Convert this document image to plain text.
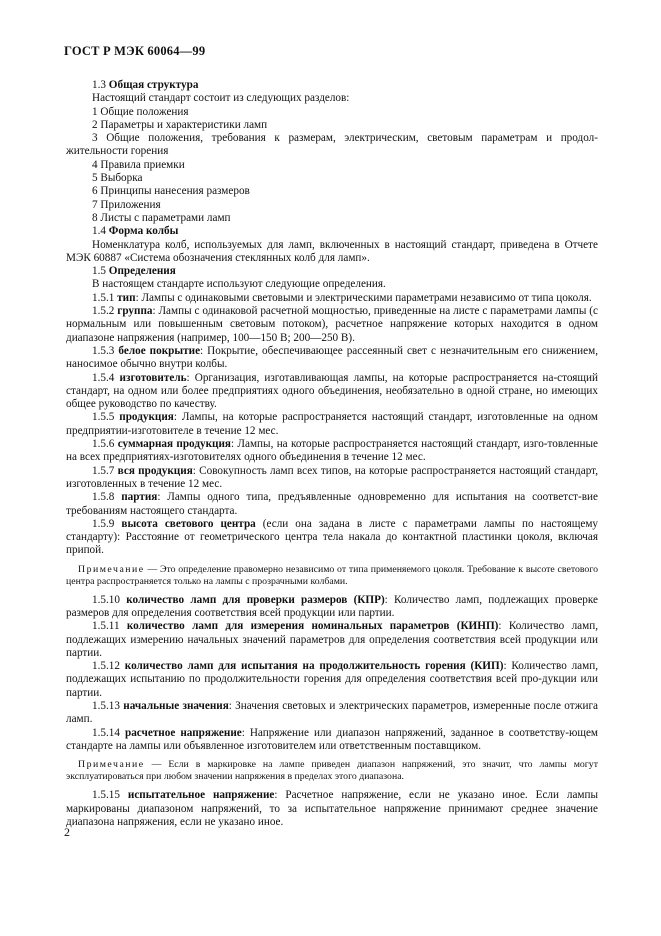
ГОСТ Р МЭК 60064—99

1.3 Общая структура

Настоящий стандарт состоит из следующих разделов:

1 Общие положения

2 Параметры и характеристики ламп

3 Общие положения, требования к размерам, электрическим, световым параметрам и продол-жительности горения

4 Правила приемки

5 Выборка

6 Принципы нанесения размеров

7 Приложения

8 Листы с параметрами ламп

1.4 Форма колбы

Номенклатура колб, используемых для ламп, включенных в настоящий стандарт, приведена в Отчете МЭК 60887 «Система обозначения стеклянных колб для ламп».

1.5 Определения

В настоящем стандарте используют следующие определения.

1.5.1 тип: Лампы с одинаковыми световыми и электрическими параметрами независимо от типа цоколя.

1.5.2 группа: Лампы с одинаковой расчетной мощностью, приведенные на листе с параметрами лампы (с нормальным или повышенным световым потоком), расчетное напряжение которых находится в одном диапазоне напряжения (например, 100—150 В; 200—250 В).

1.5.3 белое покрытие: Покрытие, обеспечивающее рассеянный свет с незначительным его снижением, наносимое обычно внутри колбы.

1.5.4 изготовитель: Организация, изготавливающая лампы, на которые распространяется на-стоящий стандарт, на одном или более предприятиях одного объединения, необязательно в одной стране, но имеющих общее руководство по качеству.

1.5.5 продукция: Лампы, на которые распространяется настоящий стандарт, изготовленные на одном предприятии-изготовителе в течение 12 мес.

1.5.6 суммарная продукция: Лампы, на которые распространяется настоящий стандарт, изго-товленные на всех предприятиях-изготовителях одного объединения в течение 12 мес.

1.5.7 вся продукция: Совокупность ламп всех типов, на которые распространяется настоящий стандарт, изготовленных в течение 12 мес.

1.5.8 партия: Лампы одного типа, предъявленные одновременно для испытания на соответст-вие требованиям настоящего стандарта.

1.5.9 высота светового центра (если она задана в листе с параметрами лампы по настоящему стандарту): Расстояние от геометрического центра тела накала до контактной пластинки цоколя, включая припой.

Примечание — Это определение правомерно независимо от типа применяемого цоколя. Требование к высоте светового центра распространяется только на лампы с прозрачными колбами.

1.5.10 количество ламп для проверки размеров (КПР): Количество ламп, подлежащих проверке размеров для определения соответствия всей продукции или партии.

1.5.11 количество ламп для измерения номинальных параметров (КИНП): Количество ламп, подлежащих измерению начальных значений параметров для определения соответствия всей продукции или партии.

1.5.12 количество ламп для испытания на продолжительность горения (КИП): Количество ламп, подлежащих испытанию по продолжительности горения для определения соответствия всей про-дукции или партии.

1.5.13 начальные значения: Значения световых и электрических параметров, измеренные после отжига ламп.

1.5.14 расчетное напряжение: Напряжение или диапазон напряжений, заданное в соответству-ющем стандарте на лампы или объявленное изготовителем или ответственным поставщиком.

Примечание — Если в маркировке на лампе приведен диапазон напряжений, это значит, что лампы могут эксплуатироваться при любом значении напряжения в пределах этого диапазона.

1.5.15 испытательное напряжение: Расчетное напряжение, если не указано иное. Если лампы маркированы диапазоном напряжений, то за испытательное напряжение принимают среднее значение диапазона напряжения, если не указано иное.

2
